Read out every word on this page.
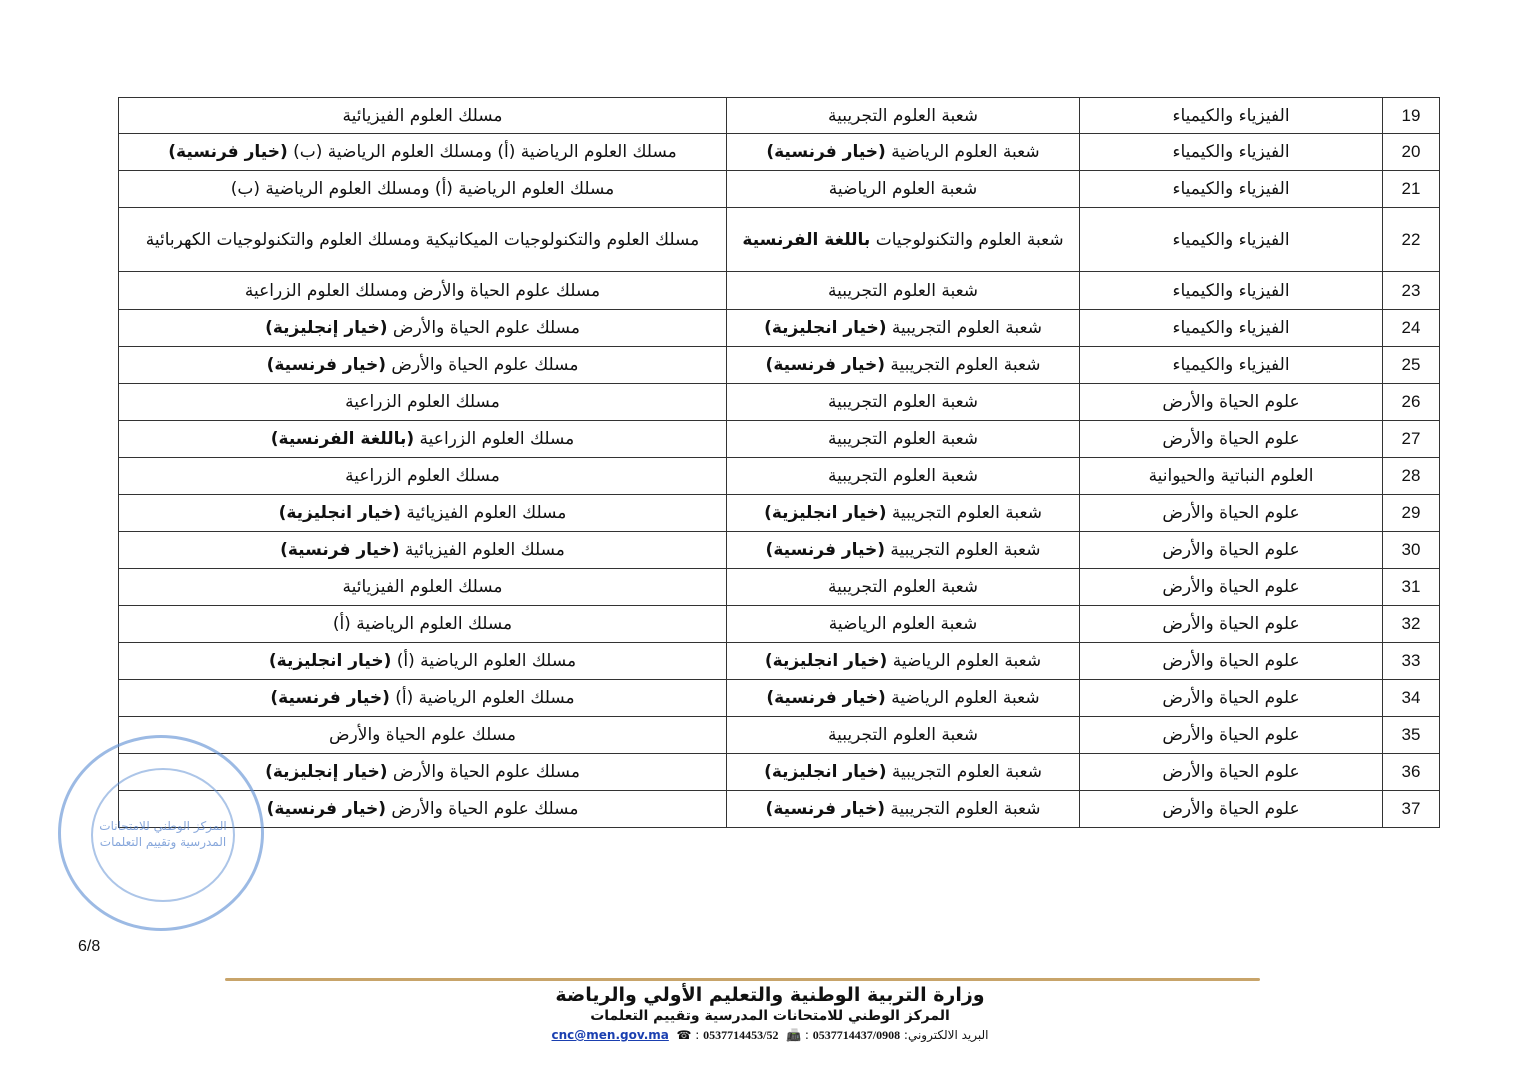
19	الفيزياء والكيمياء	شعبة العلوم التجريبية	مسلك العلوم الفيزيائية
20	الفيزياء والكيمياء	شعبة العلوم الرياضية (خيار فرنسية)	مسلك العلوم الرياضية (أ) ومسلك العلوم الرياضية (ب) (خيار فرنسية)
21	الفيزياء والكيمياء	شعبة العلوم الرياضية	مسلك العلوم الرياضية (أ) ومسلك العلوم الرياضية (ب)
22	الفيزياء والكيمياء	شعبة العلوم والتكنولوجيات باللغة الفرنسية	مسلك العلوم والتكنولوجيات الميكانيكية ومسلك العلوم والتكنولوجيات الكهربائية
23	الفيزياء والكيمياء	شعبة العلوم التجريبية	مسلك علوم الحياة والأرض ومسلك العلوم الزراعية
24	الفيزياء والكيمياء	شعبة العلوم التجريبية (خيار انجليزية)	مسلك علوم الحياة والأرض (خيار إنجليزية)
25	الفيزياء والكيمياء	شعبة العلوم التجريبية (خيار فرنسية)	مسلك علوم الحياة والأرض (خيار فرنسية)
26	علوم الحياة والأرض	شعبة العلوم التجريبية	مسلك العلوم الزراعية
27	علوم الحياة والأرض	شعبة العلوم التجريبية	مسلك العلوم الزراعية (باللغة الفرنسية)
28	العلوم النباتية والحيوانية	شعبة العلوم التجريبية	مسلك العلوم الزراعية
29	علوم الحياة والأرض	شعبة العلوم التجريبية (خيار انجليزية)	مسلك العلوم الفيزيائية (خيار انجليزية)
30	علوم الحياة والأرض	شعبة العلوم التجريبية (خيار فرنسية)	مسلك العلوم الفيزيائية (خيار فرنسية)
31	علوم الحياة والأرض	شعبة العلوم التجريبية	مسلك العلوم الفيزيائية
32	علوم الحياة والأرض	شعبة العلوم الرياضية	مسلك العلوم الرياضية (أ)
33	علوم الحياة والأرض	شعبة العلوم الرياضية (خيار انجليزية)	مسلك العلوم الرياضية (أ) (خيار انجليزية)
34	علوم الحياة والأرض	شعبة العلوم الرياضية (خيار فرنسية)	مسلك العلوم الرياضية (أ) (خيار فرنسية)
35	علوم الحياة والأرض	شعبة العلوم التجريبية	مسلك علوم الحياة والأرض
36	علوم الحياة والأرض	شعبة العلوم التجريبية (خيار انجليزية)	مسلك علوم الحياة والأرض (خيار إنجليزية)
37	علوم الحياة والأرض	شعبة العلوم التجريبية (خيار فرنسية)	مسلك علوم الحياة والأرض (خيار فرنسية)
المركز الوطني للامتحانات المدرسية وتقييم التعلمات
6/8
وزارة التربية الوطنية والتعليم الأولي والرياضة
المركز الوطني للامتحانات المدرسية وتقييم التعلمات
البريد الالكتروني: cnc@men.gov.ma ☎ : 0537714453/52 📠 : 0537714437/0908
